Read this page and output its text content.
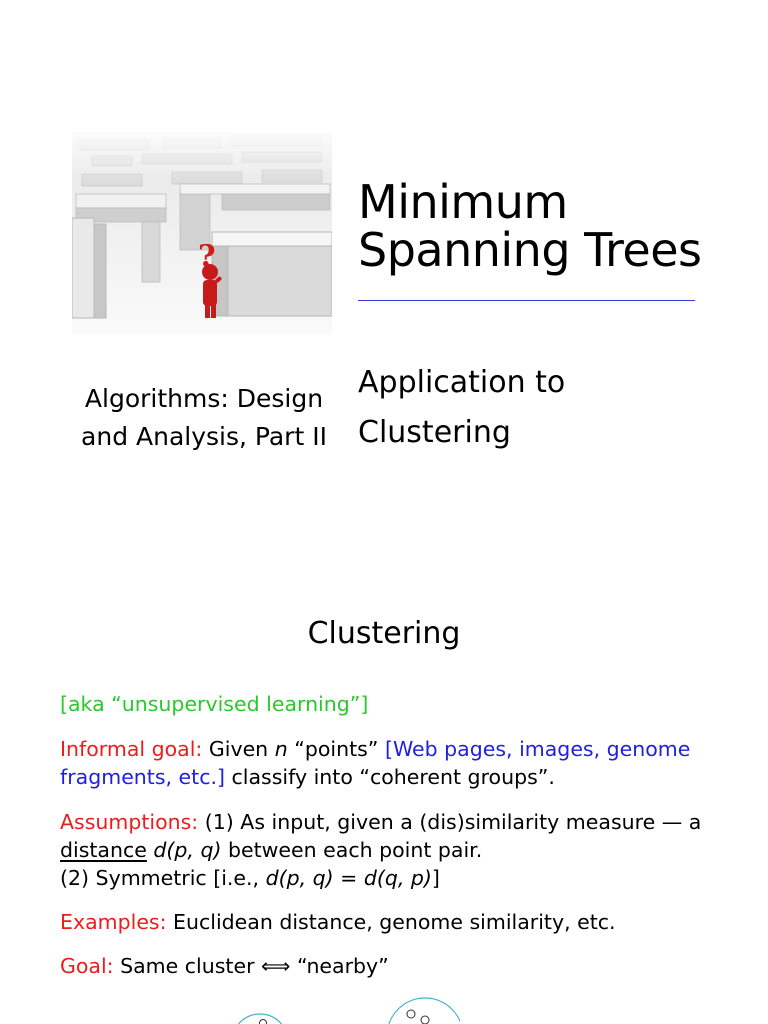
Minimum
Spanning Trees
Application to
Clustering
Algorithms: Design
and Analysis, Part II
Clustering
[aka “unsupervised learning”]
Informal goal: Given n “points” [Web pages, images, genome fragments, etc.] classify into “coherent groups”.
Assumptions: (1) As input, given a (dis)similarity measure — a distance d(p, q) between each point pair.
(2) Symmetric [i.e., d(p, q) = d(q, p)]
Examples: Euclidean distance, genome similarity, etc.
Goal: Same cluster ⟺ “nearby”
